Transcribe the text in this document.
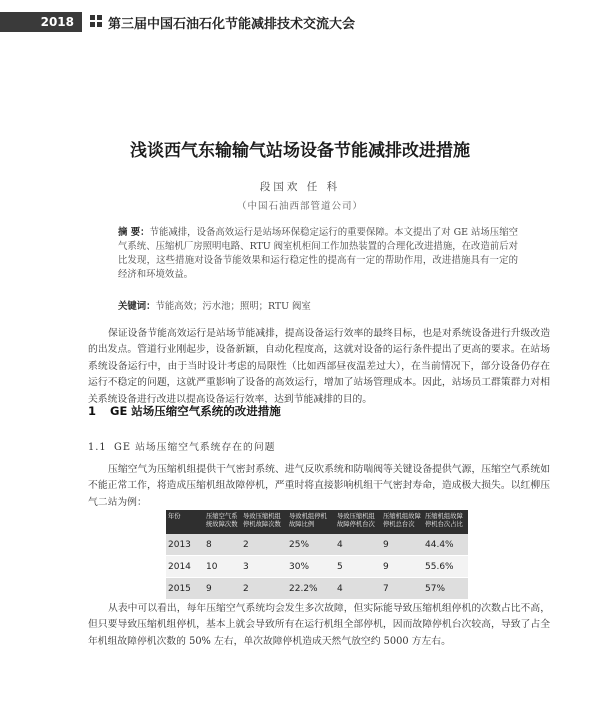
2018	第三届中国石油石化节能减排技术交流大会
浅谈西气东输输气站场设备节能减排改进措施
段国欢 任 科
（中国石油西部管道公司）
摘 要：节能减排，设备高效运行是站场环保稳定运行的重要保障。本文提出了对 GE 站场压缩空气系统、压缩机厂房照明电路、RTU 阀室机柜间工作加热装置的合理化改进措施，在改造前后对比发现，这些措施对设备节能效果和运行稳定性的提高有一定的帮助作用，改进措施具有一定的经济和环境效益。
关键词：节能高效；污水池；照明；RTU 阀室
保证设备节能高效运行是站场节能减排，提高设备运行效率的最终目标，也是对系统设备进行升级改造的出发点。管道行业刚起步，设备新颖，自动化程度高，这就对设备的运行条件提出了更高的要求。在站场系统设备运行中，由于当时设计考虑的局限性（比如西部昼夜温差过大），在当前情况下，部分设备仍存在运行不稳定的问题，这就严重影响了设备的高效运行，增加了站场管理成本。因此，站场员工群策群力对相关系统设备进行改进以提高设备运行效率，达到节能减排的目的。
1 GE 站场压缩空气系统的改进措施
1.1 GE 站场压缩空气系统存在的问题
压缩空气为压缩机组提供干气密封系统、进气反吹系统和防喘阀等关键设备提供气源，压缩空气系统如不能正常工作，将造成压缩机组故障停机，严重时将直接影响机组干气密封寿命，造成极大损失。以红柳压气二站为例：
年份	压缩空气系统故障次数	导致压缩机组停机故障次数	导致机组停机故障比例	导致压缩机组故障停机台次	压缩机组故障停机总台次	压缩机组故障停机台次占比
2013	8	2	25%	4	9	44.4%
2014	10	3	30%	5	9	55.6%
2015	9	2	22.2%	4	7	57%
从表中可以看出，每年压缩空气系统均会发生多次故障，但实际能导致压缩机组停机的次数占比不高，但只要导致压缩机组停机，基本上就会导致所有在运行机组全部停机，因而故障停机台次较高，导致了占全年机组故障停机次数的 50% 左右，单次故障停机造成天然气放空约 5000 方左右。
